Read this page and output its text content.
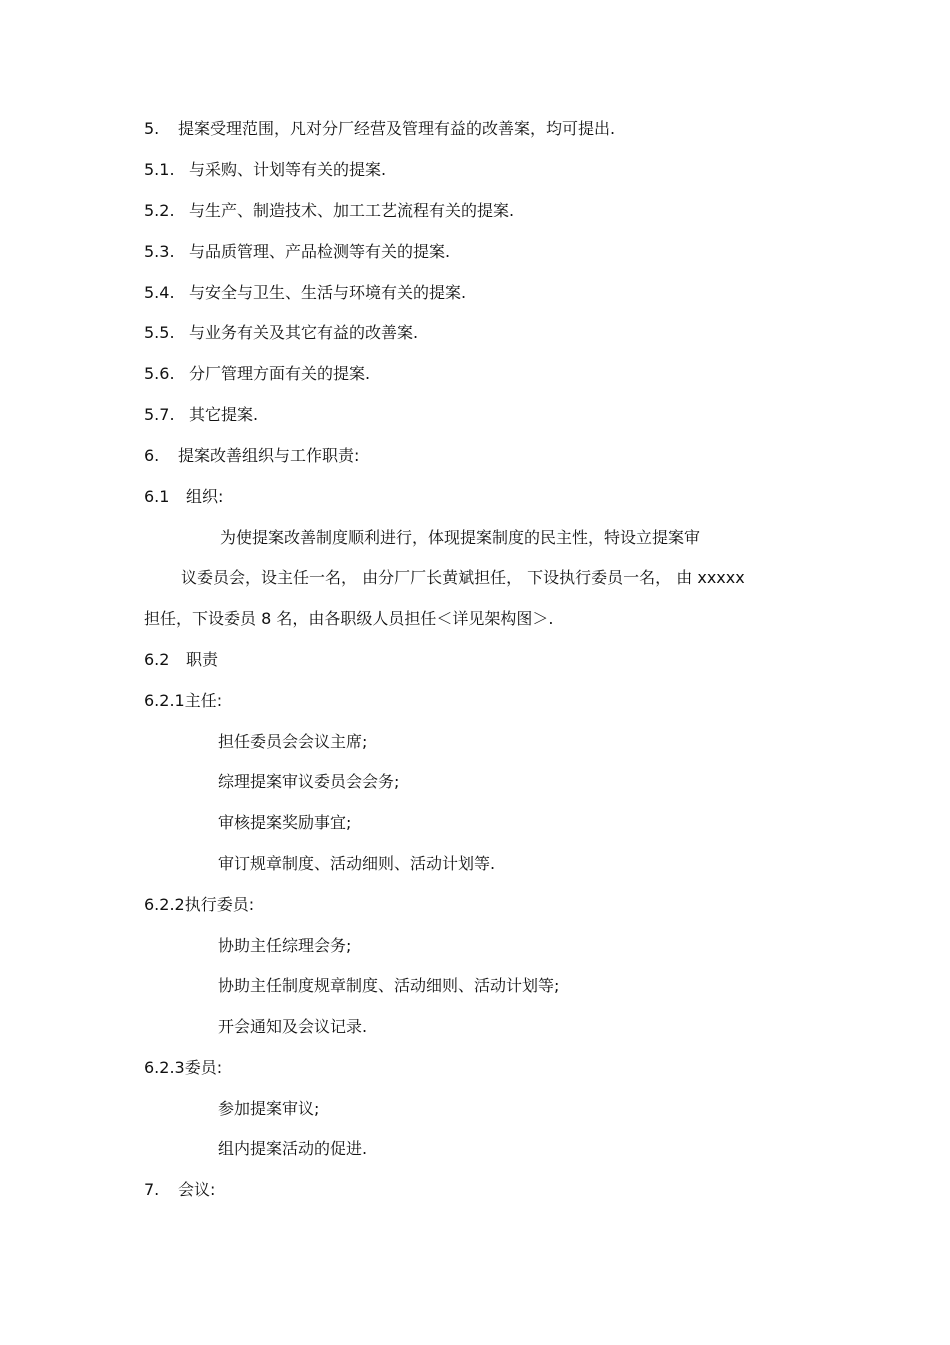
5. 提案受理范围，凡对分厂经营及管理有益的改善案，均可提出.
5.1. 与采购、计划等有关的提案.
5.2. 与生产、制造技术、加工工艺流程有关的提案.
5.3. 与品质管理、产品检测等有关的提案.
5.4. 与安全与卫生、生活与环境有关的提案.
5.5. 与业务有关及其它有益的改善案.
5.6. 分厂管理方面有关的提案.
5.7. 其它提案.
6. 提案改善组织与工作职责:
6.1 组织:
为使提案改善制度顺利进行，体现提案制度的民主性，特设立提案审
议委员会，设主任一名， 由分厂厂长黄斌担任， 下设执行委员一名， 由 xxxxx
担任，下设委员 8 名，由各职级人员担任＜详见架构图＞.
6.2 职责
6.2.1主任:
担任委员会会议主席;
综理提案审议委员会会务;
审核提案奖励事宜;
审订规章制度、活动细则、活动计划等.
6.2.2执行委员:
协助主任综理会务;
协助主任制度规章制度、活动细则、活动计划等;
开会通知及会议记录.
6.2.3委员:
参加提案审议;
组内提案活动的促进.
7. 会议:
